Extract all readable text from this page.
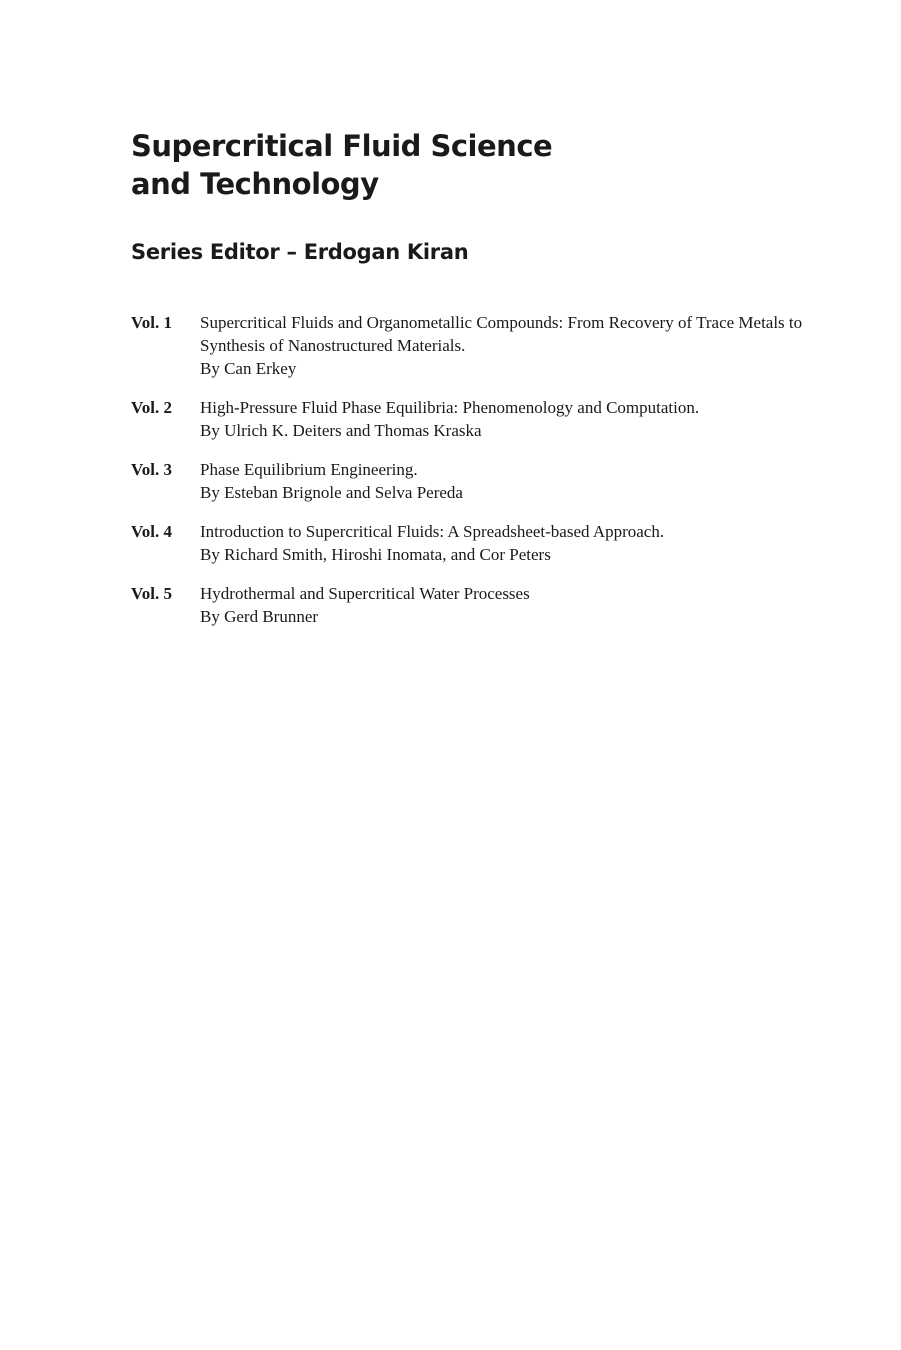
Supercritical Fluid Science
and Technology
Series Editor – Erdogan Kiran
Vol. 1	Supercritical Fluids and Organometallic Compounds: From Recovery of Trace Metals to Synthesis of Nanostructured Materials.
By Can Erkey
Vol. 2	High-Pressure Fluid Phase Equilibria: Phenomenology and Computation.
By Ulrich K. Deiters and Thomas Kraska
Vol. 3	Phase Equilibrium Engineering.
By Esteban Brignole and Selva Pereda
Vol. 4	Introduction to Supercritical Fluids: A Spreadsheet-based Approach.
By Richard Smith, Hiroshi Inomata, and Cor Peters
Vol. 5	Hydrothermal and Supercritical Water Processes
By Gerd Brunner
